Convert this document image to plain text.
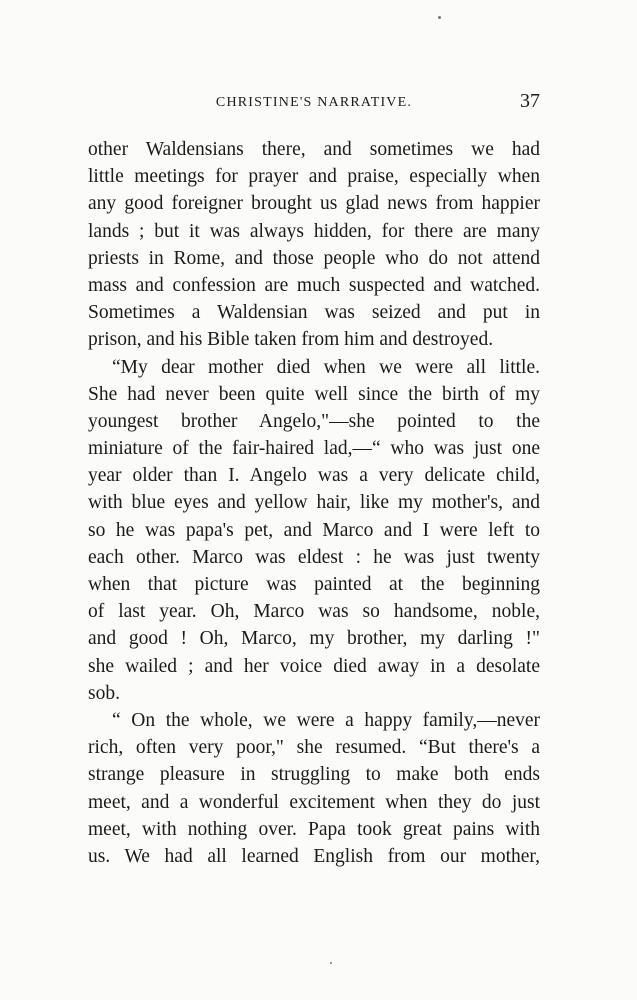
CHRISTINE'S NARRATIVE.	37
other Waldensians there, and sometimes we had
little meetings for prayer and praise, especially when
any good foreigner brought us glad news from happier
lands ; but it was always hidden, for there are many
priests in Rome, and those people who do not attend
mass and confession are much suspected and watched.
Sometimes a Waldensian was seized and put in
prison, and his Bible taken from him and destroyed.
“My dear mother died when we were all little.
She had never been quite well since the birth of my
youngest brother Angelo,"—she pointed to the
miniature of the fair-haired lad,—“ who was just one
year older than I. Angelo was a very delicate child,
with blue eyes and yellow hair, like my mother's, and
so he was papa's pet, and Marco and I were left to
each other. Marco was eldest : he was just twenty
when that picture was painted at the beginning
of last year. Oh, Marco was so handsome, noble,
and good ! Oh, Marco, my brother, my darling !"
she wailed ; and her voice died away in a desolate
sob.
“ On the whole, we were a happy family,—never
rich, often very poor," she resumed. “But there's a
strange pleasure in struggling to make both ends
meet, and a wonderful excitement when they do just
meet, with nothing over. Papa took great pains with
us. We had all learned English from our mother,
